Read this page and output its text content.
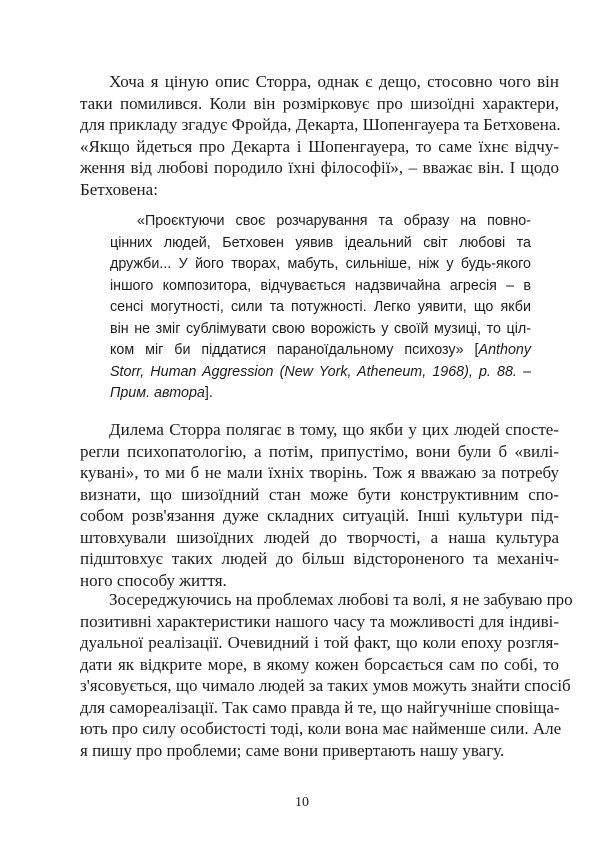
Хоча я ціную опис Сторра, однак є дещо, стосовно чого він
таки помилився. Коли він розмірковує про шизоїдні характери,
для прикладу згадує Фройда, Декарта, Шопенгауера та Бетховена.
«Якщо йдеться про Декарта і Шопенгауера, то саме їхнє відчу-
ження від любові породило їхні філософії», – вважає він. І щодо
Бетховена:
«Проєктуючи своє розчарування та образу на повно-
цінних людей, Бетховен уявив ідеальний світ любові та
дружби... У його творах, мабуть, сильніше, ніж у будь-якого
іншого композитора, відчувається надзвичайна агресія – в
сенсі могутності, сили та потужності. Легко уявити, що якби
він не зміг сублімувати свою ворожість у своїй музиці, то ціл-
ком міг би піддатися параноїдальному психозу» [Anthony
Storr, Human Aggression (New York, Atheneum, 1968), p. 88. –
Прим. автора].
Дилема Сторра полягає в тому, що якби у цих людей спосте-
регли психопатологію, а потім, припустімо, вони були б «вилі-
кувані», то ми б не мали їхніх творінь. Тож я вважаю за потребу
визнати, що шизоїдний стан може бути конструктивним спо-
собом розв'язання дуже складних ситуацій. Інші культури під-
штовхували шизоїдних людей до творчості, а наша культура
підштовхує таких людей до більш відстороненого та механіч-
ного способу життя.
Зосереджуючись на проблемах любові та волі, я не забуваю про
позитивні характеристики нашого часу та можливості для індиві-
дуальної реалізації. Очевидний і той факт, що коли епоху розгля-
дати як відкрите море, в якому кожен борсається сам по собі, то
з'ясовується, що чимало людей за таких умов можуть знайти спосіб
для самореалізації. Так само правда й те, що найгучніше сповіща-
ють про силу особистості тоді, коли вона має найменше сили. Але
я пишу про проблеми; саме вони привертають нашу увагу.
10
